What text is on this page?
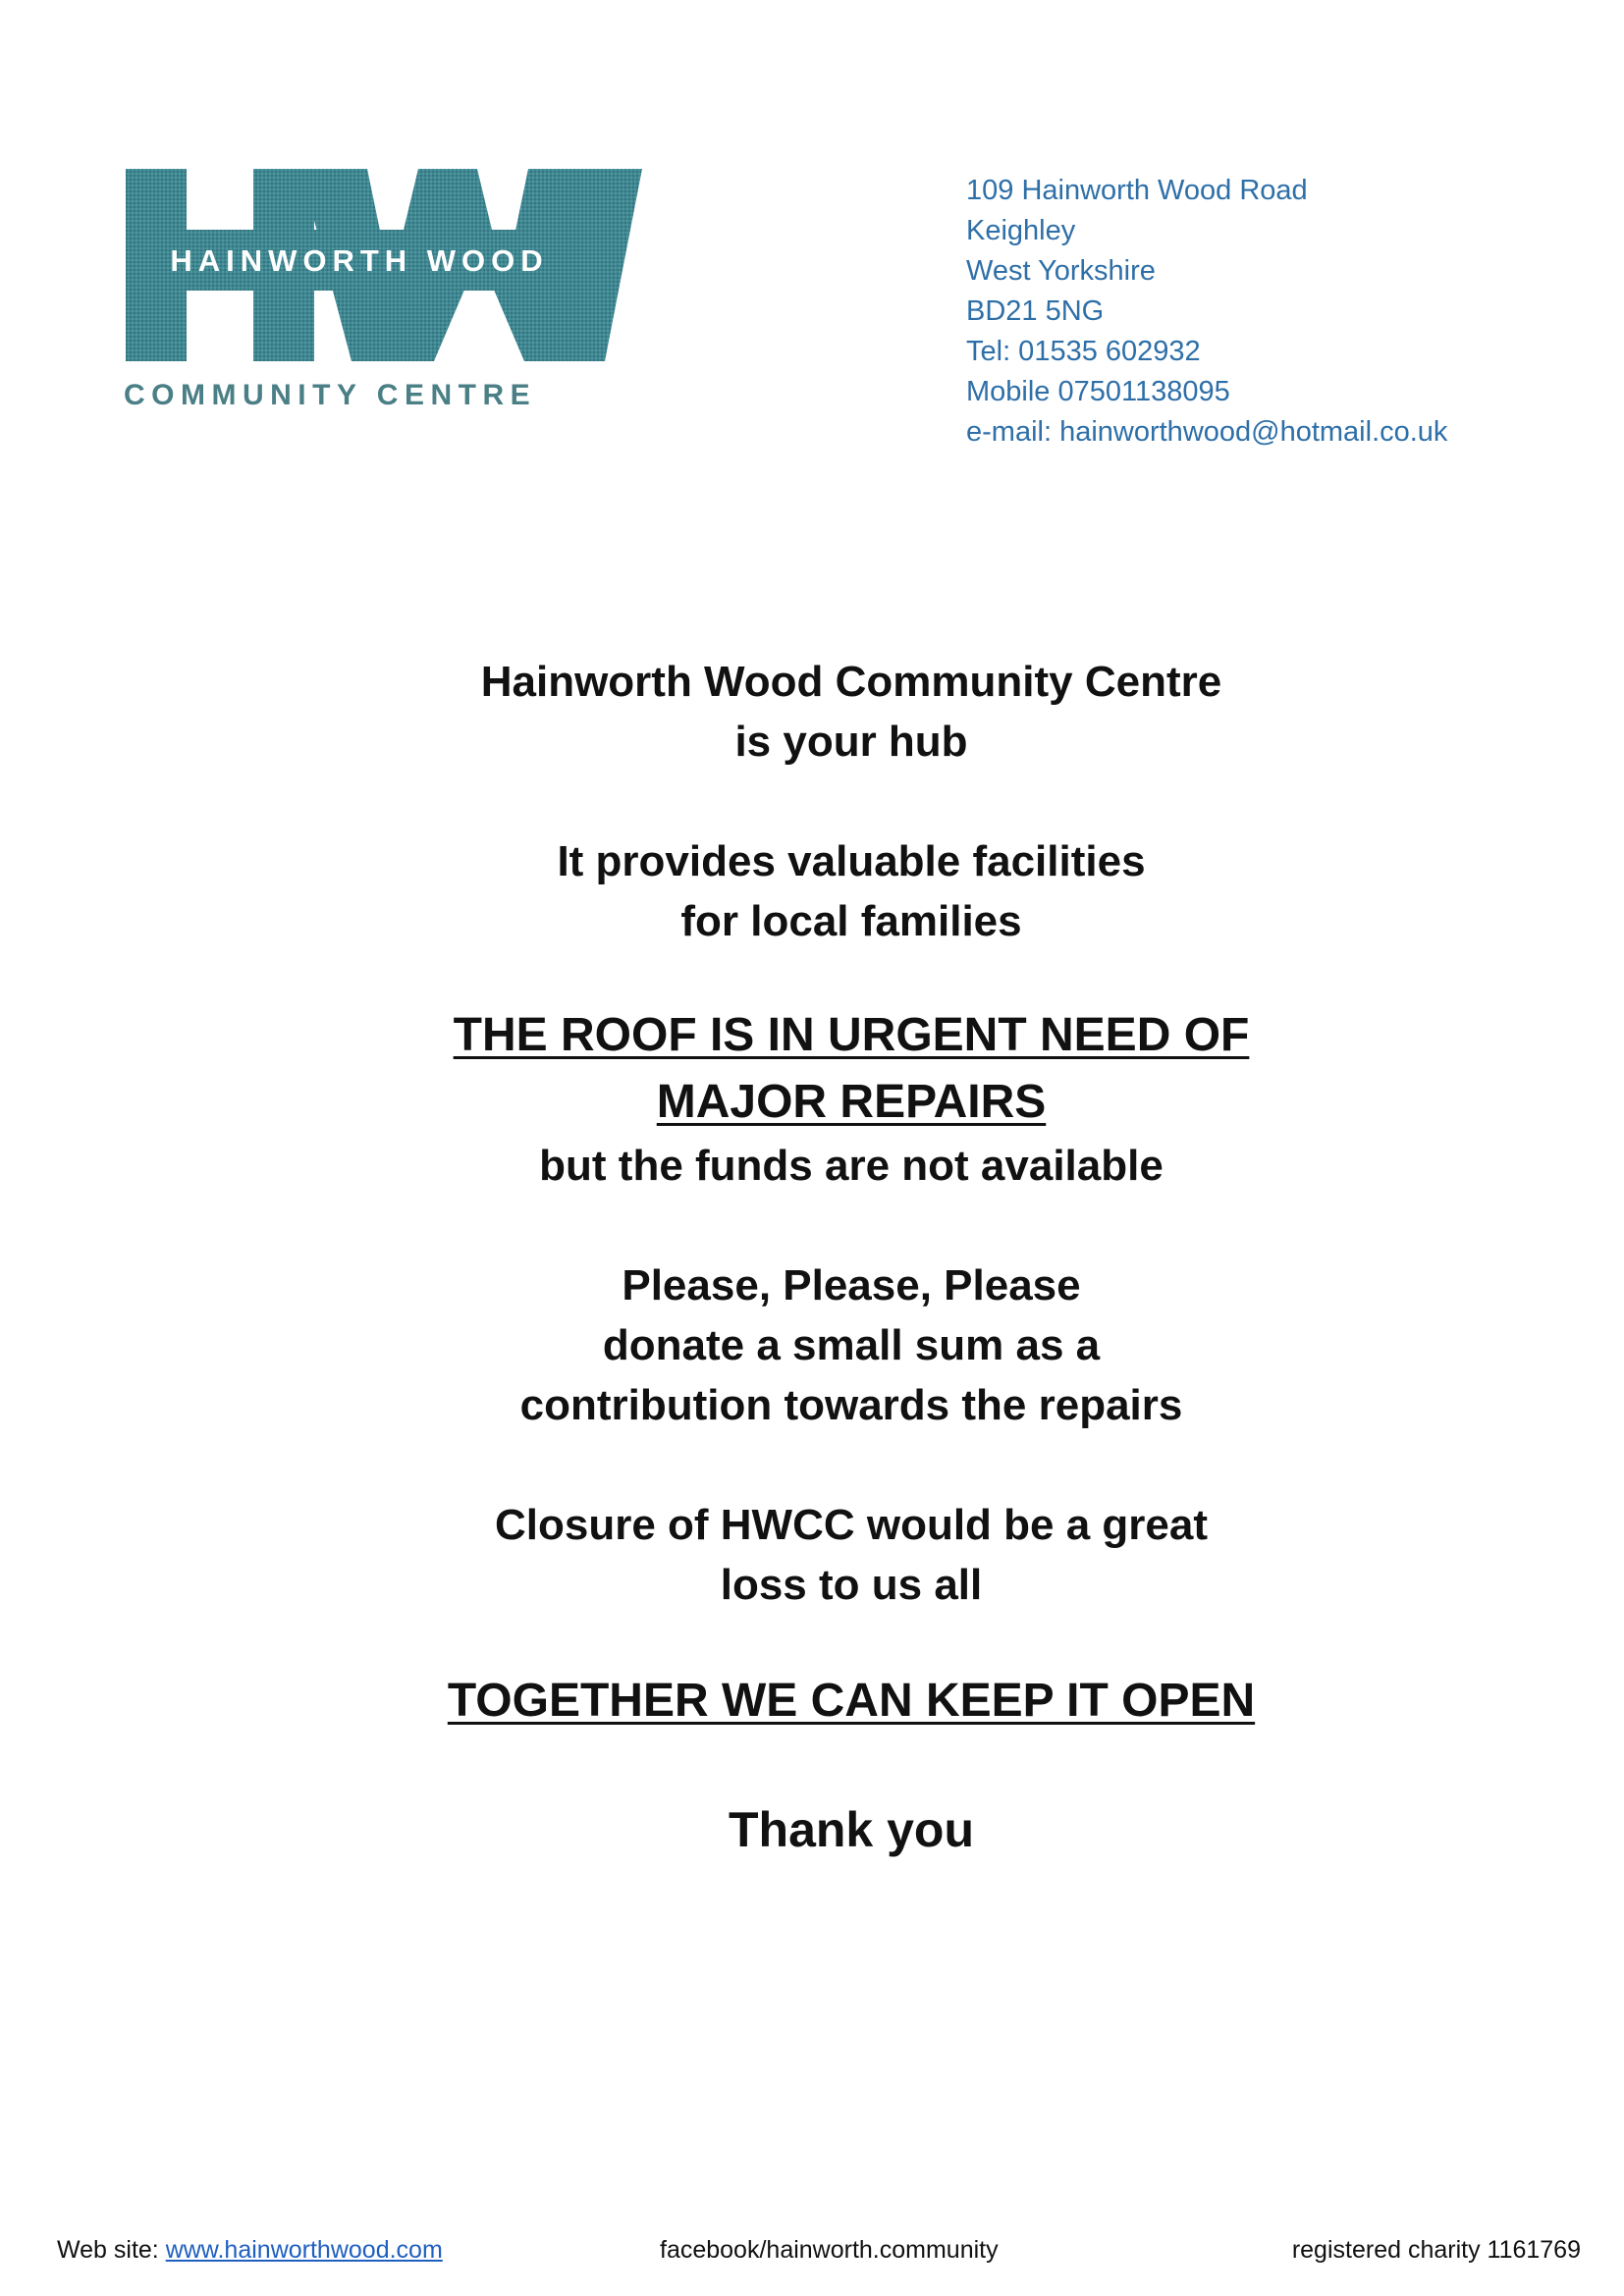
HAINWORTH WOOD
COMMUNITY CENTRE
109 Hainworth Wood Road
Keighley
West Yorkshire
BD21 5NG
Tel: 01535 602932
Mobile 07501138095
e-mail: hainworthwood@hotmail.co.uk
Hainworth Wood Community Centre
is your hub
It provides valuable facilities
for local families
THE ROOF IS IN URGENT NEED OF
MAJOR REPAIRS
but the funds are not available
Please, Please, Please
donate a small sum as a
contribution towards the repairs
Closure of HWCC would be a great
loss to us all
TOGETHER WE CAN KEEP IT OPEN
Thank you
Web site: www.hainworthwood.com	facebook/hainworth.community	registered charity 1161769
